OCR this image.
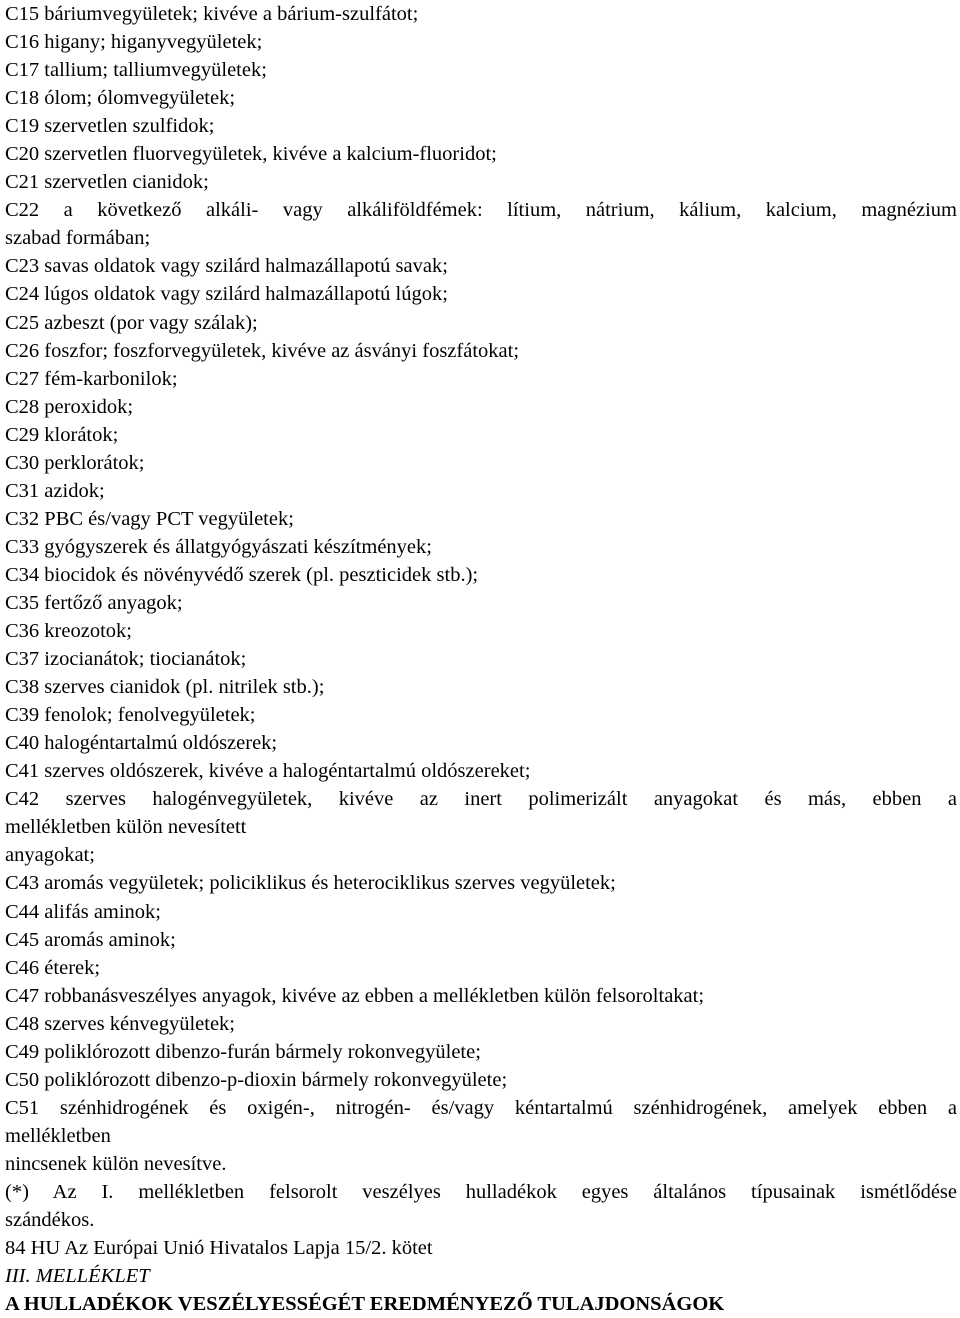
C15 báriumvegyületek; kivéve a bárium-szulfátot;
C16 higany; higanyvegyületek;
C17 tallium; talliumvegyületek;
C18 ólom; ólomvegyületek;
C19 szervetlen szulfidok;
C20 szervetlen fluorvegyületek, kivéve a kalcium-fluoridot;
C21 szervetlen cianidok;
C22 a következő alkáli- vagy alkáliföldfémek: lítium, nátrium, kálium, kalcium, magnézium
szabad formában;
C23 savas oldatok vagy szilárd halmazállapotú savak;
C24 lúgos oldatok vagy szilárd halmazállapotú lúgok;
C25 azbeszt (por vagy szálak);
C26 foszfor; foszforvegyületek, kivéve az ásványi foszfátokat;
C27 fém-karbonilok;
C28 peroxidok;
C29 klorátok;
C30 perklorátok;
C31 azidok;
C32 PBC és/vagy PCT vegyületek;
C33 gyógyszerek és állatgyógyászati készítmények;
C34 biocidok és növényvédő szerek (pl. peszticidek stb.);
C35 fertőző anyagok;
C36 kreozotok;
C37 izocianátok; tiocianátok;
C38 szerves cianidok (pl. nitrilek stb.);
C39 fenolok; fenolvegyületek;
C40 halogéntartalmú oldószerek;
C41 szerves oldószerek, kivéve a halogéntartalmú oldószereket;
C42 szerves halogénvegyületek, kivéve az inert polimerizált anyagokat és más, ebben a
mellékletben külön nevesített
anyagokat;
C43 aromás vegyületek; policiklikus és heterociklikus szerves vegyületek;
C44 alifás aminok;
C45 aromás aminok;
C46 éterek;
C47 robbanásveszélyes anyagok, kivéve az ebben a mellékletben külön felsoroltakat;
C48 szerves kénvegyületek;
C49 poliklórozott dibenzo-furán bármely rokonvegyülete;
C50 poliklórozott dibenzo-p-dioxin bármely rokonvegyülete;
C51 szénhidrogének és oxigén-, nitrogén- és/vagy kéntartalmú szénhidrogének, amelyek ebben a
mellékletben
nincsenek külön nevesítve.
(*) Az I. mellékletben felsorolt veszélyes hulladékok egyes általános típusainak ismétlődése
szándékos.
84 HU Az Európai Unió Hivatalos Lapja 15/2. kötet
III. MELLÉKLET
A HULLADÉKOK VESZÉLYESSÉGÉT EREDMÉNYEZŐ TULAJDONSÁGOK
